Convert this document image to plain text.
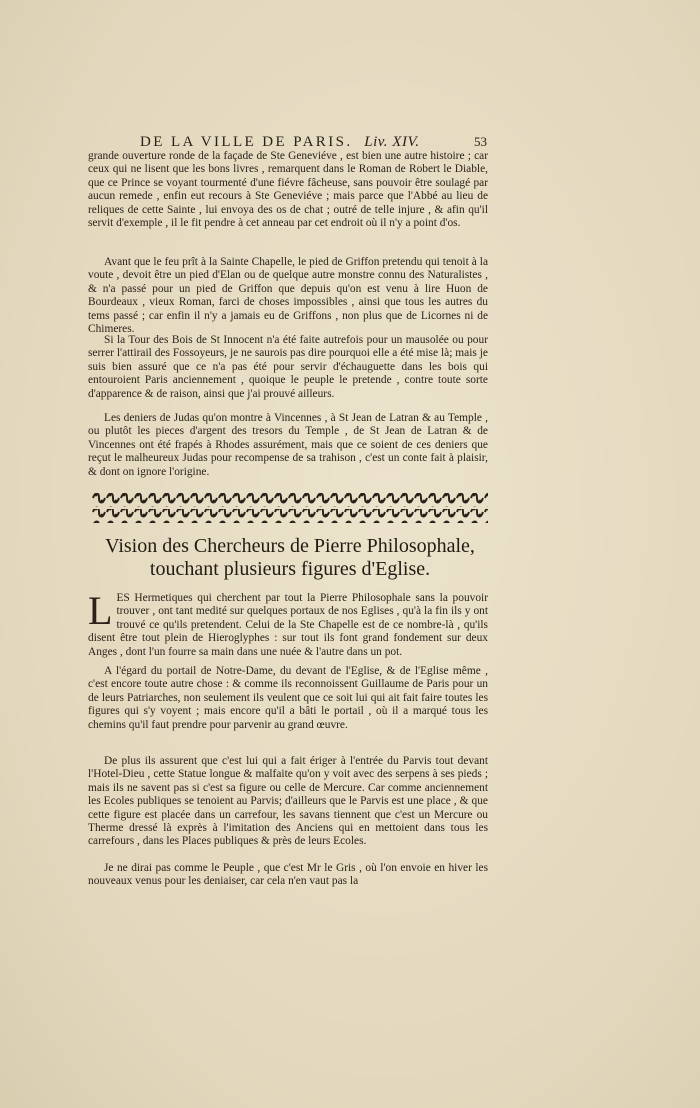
DE LA VILLE DE PARIS. Liv. XIV.	53

grande ouverture ronde de la façade de Ste Geneviéve , est bien une autre histoire ; car ceux qui ne lisent que les bons livres , remarquent dans le Roman de Robert le Diable, que ce Prince se voyant tourmenté d'une fiévre fâcheuse, sans pouvoir être soulagé par aucun remede , enfin eut recours à Ste Geneviéve ; mais parce que l'Abbé au lieu de reliques de cette Sainte , lui envoya des os de chat ; outré de telle injure , & afin qu'il servit d'exemple , il le fit pendre à cet anneau par cet endroit où il n'y a point d'os.

Avant que le feu prît à la Sainte Chapelle, le pied de Griffon pretendu qui tenoit à la voute , devoit être un pied d'Elan ou de quelque autre monstre connu des Naturalistes , & n'a passé pour un pied de Griffon que depuis qu'on est venu à lire Huon de Bourdeaux , vieux Roman, farci de choses impossibles , ainsi que tous les autres du tems passé ; car enfin il n'y a jamais eu de Griffons , non plus que de Licornes ni de Chimeres.

Si la Tour des Bois de St Innocent n'a été faite autrefois pour un mausolée ou pour serrer l'attirail des Fossoyeurs, je ne saurois pas dire pourquoi elle a été mise là; mais je suis bien assuré que ce n'a pas été pour servir d'échauguette dans les bois qui entouroient Paris anciennement , quoique le peuple le pretende , contre toute sorte d'apparence & de raison, ainsi que j'ai prouvé ailleurs.

Les deniers de Judas qu'on montre à Vincennes , à St Jean de Latran & au Temple , ou plutôt les pieces d'argent des tresors du Temple , de St Jean de Latran & de Vincennes ont été frapés à Rhodes assurément, mais que ce soient de ces deniers que reçut le malheureux Judas pour recompense de sa trahison , c'est un conte fait à plaisir, & dont on ignore l'origine.

Vision des Chercheurs de Pierre Philosophale,
touchant plusieurs figures d'Eglise.
L ES Hermetiques qui cherchent par tout la Pierre Philosophale sans la pouvoir trouver , ont tant medité sur quelques portaux de nos Eglises , qu'à la fin ils y ont trouvé ce qu'ils pretendent. Celui de la Ste Chapelle est de ce nombre-là , qu'ils disent être tout plein de Hieroglyphes : sur tout ils font grand fondement sur deux Anges , dont l'un fourre sa main dans une nuée & l'autre dans un pot.

A l'égard du portail de Notre-Dame, du devant de l'Eglise, & de l'Eglise même , c'est encore toute autre chose : & comme ils reconnoissent Guillaume de Paris pour un de leurs Patriarches, non seulement ils veulent que ce soit lui qui ait fait faire toutes les figures qui s'y voyent ; mais encore qu'il a bâti le portail , où il a marqué tous les chemins qu'il faut prendre pour parvenir au grand œuvre.

De plus ils assurent que c'est lui qui a fait ériger à l'entrée du Parvis tout devant l'Hotel-Dieu , cette Statue longue & malfaite qu'on y voit avec des serpens à ses pieds ; mais ils ne savent pas si c'est sa figure ou celle de Mercure. Car comme anciennement les Ecoles publiques se tenoient au Parvis; d'ailleurs que le Parvis est une place , & que cette figure est placée dans un carrefour, les savans tiennent que c'est un Mercure ou Therme dressé là exprès à l'imitation des Anciens qui en mettoient dans tous les carrefours , dans les Places publiques & près de leurs Ecoles.

Je ne dirai pas comme le Peuple , que c'est Mr le Gris , où l'on envoie en hiver les nouveaux venus pour les deniaiser, car cela n'en vaut pas la
